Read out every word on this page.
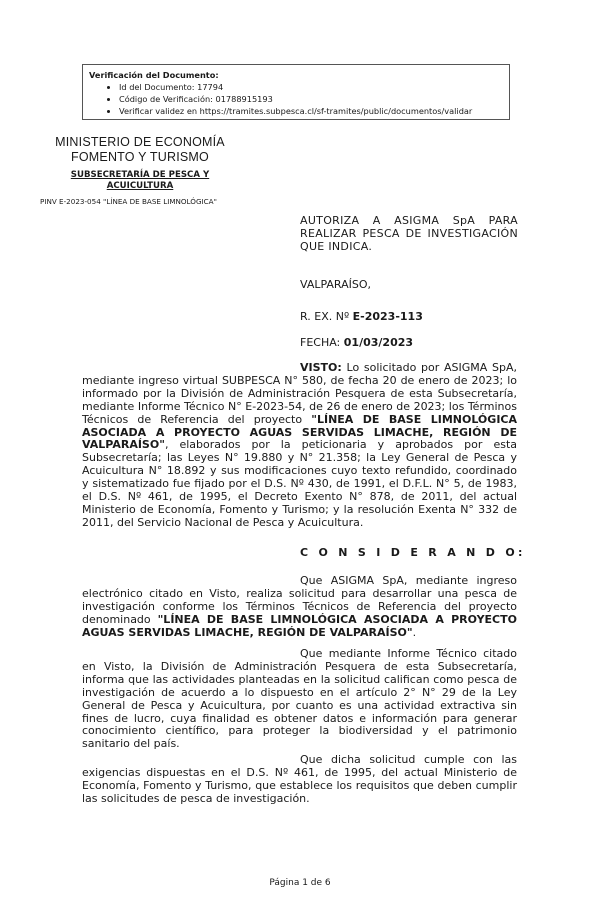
Verificación del Documento:
• Id del Documento: 17794
• Código de Verificación: 01788915193
• Verificar validez en https://tramites.subpesca.cl/sf-tramites/public/documentos/validar
MINISTERIO DE ECONOMÍA
FOMENTO Y TURISMO
SUBSECRETARÍA DE PESCA Y
ACUICULTURA
PINV E-2023-054 "LÍNEA DE BASE LIMNOLÓGICA"
AUTORIZA A ASIGMA SpA PARA REALIZAR PESCA DE INVESTIGACIÓN QUE INDICA.
VALPARAÍSO,
R. EX. Nº E-2023-113
FECHA: 01/03/2023

VISTO: Lo solicitado por ASIGMA SpA, mediante ingreso virtual SUBPESCA N° 580, de fecha 20 de enero de 2023; lo informado por la División de Administración Pesquera de esta Subsecretaría, mediante Informe Técnico N° E-2023-54, de 26 de enero de 2023; los Términos Técnicos de Referencia del proyecto "LÍNEA DE BASE LIMNOLÓGICA ASOCIADA A PROYECTO AGUAS SERVIDAS LIMACHE, REGIÓN DE VALPARAÍSO", elaborados por la peticionaria y aprobados por esta Subsecretaría; las Leyes N° 19.880 y N° 21.358; la Ley General de Pesca y Acuicultura N° 18.892 y sus modificaciones cuyo texto refundido, coordinado y sistematizado fue fijado por el D.S. Nº 430, de 1991, el D.F.L. N° 5, de 1983, el D.S. Nº 461, de 1995, el Decreto Exento N° 878, de 2011, del actual Ministerio de Economía, Fomento y Turismo; y la resolución Exenta N° 332 de 2011, del Servicio Nacional de Pesca y Acuicultura.

C O N S I D E R A N D O:

Que ASIGMA SpA, mediante ingreso electrónico citado en Visto, realiza solicitud para desarrollar una pesca de investigación conforme los Términos Técnicos de Referencia del proyecto denominado "LÍNEA DE BASE LIMNOLÓGICA ASOCIADA A PROYECTO AGUAS SERVIDAS LIMACHE, REGIÓN DE VALPARAÍSO".

Que mediante Informe Técnico citado en Visto, la División de Administración Pesquera de esta Subsecretaría, informa que las actividades planteadas en la solicitud califican como pesca de investigación de acuerdo a lo dispuesto en el artículo 2° N° 29 de la Ley General de Pesca y Acuicultura, por cuanto es una actividad extractiva sin fines de lucro, cuya finalidad es obtener datos e información para generar conocimiento científico, para proteger la biodiversidad y el patrimonio sanitario del país.

Que dicha solicitud cumple con las exigencias dispuestas en el D.S. Nº 461, de 1995, del actual Ministerio de Economía, Fomento y Turismo, que establece los requisitos que deben cumplir las solicitudes de pesca de investigación.

Página 1 de 6
